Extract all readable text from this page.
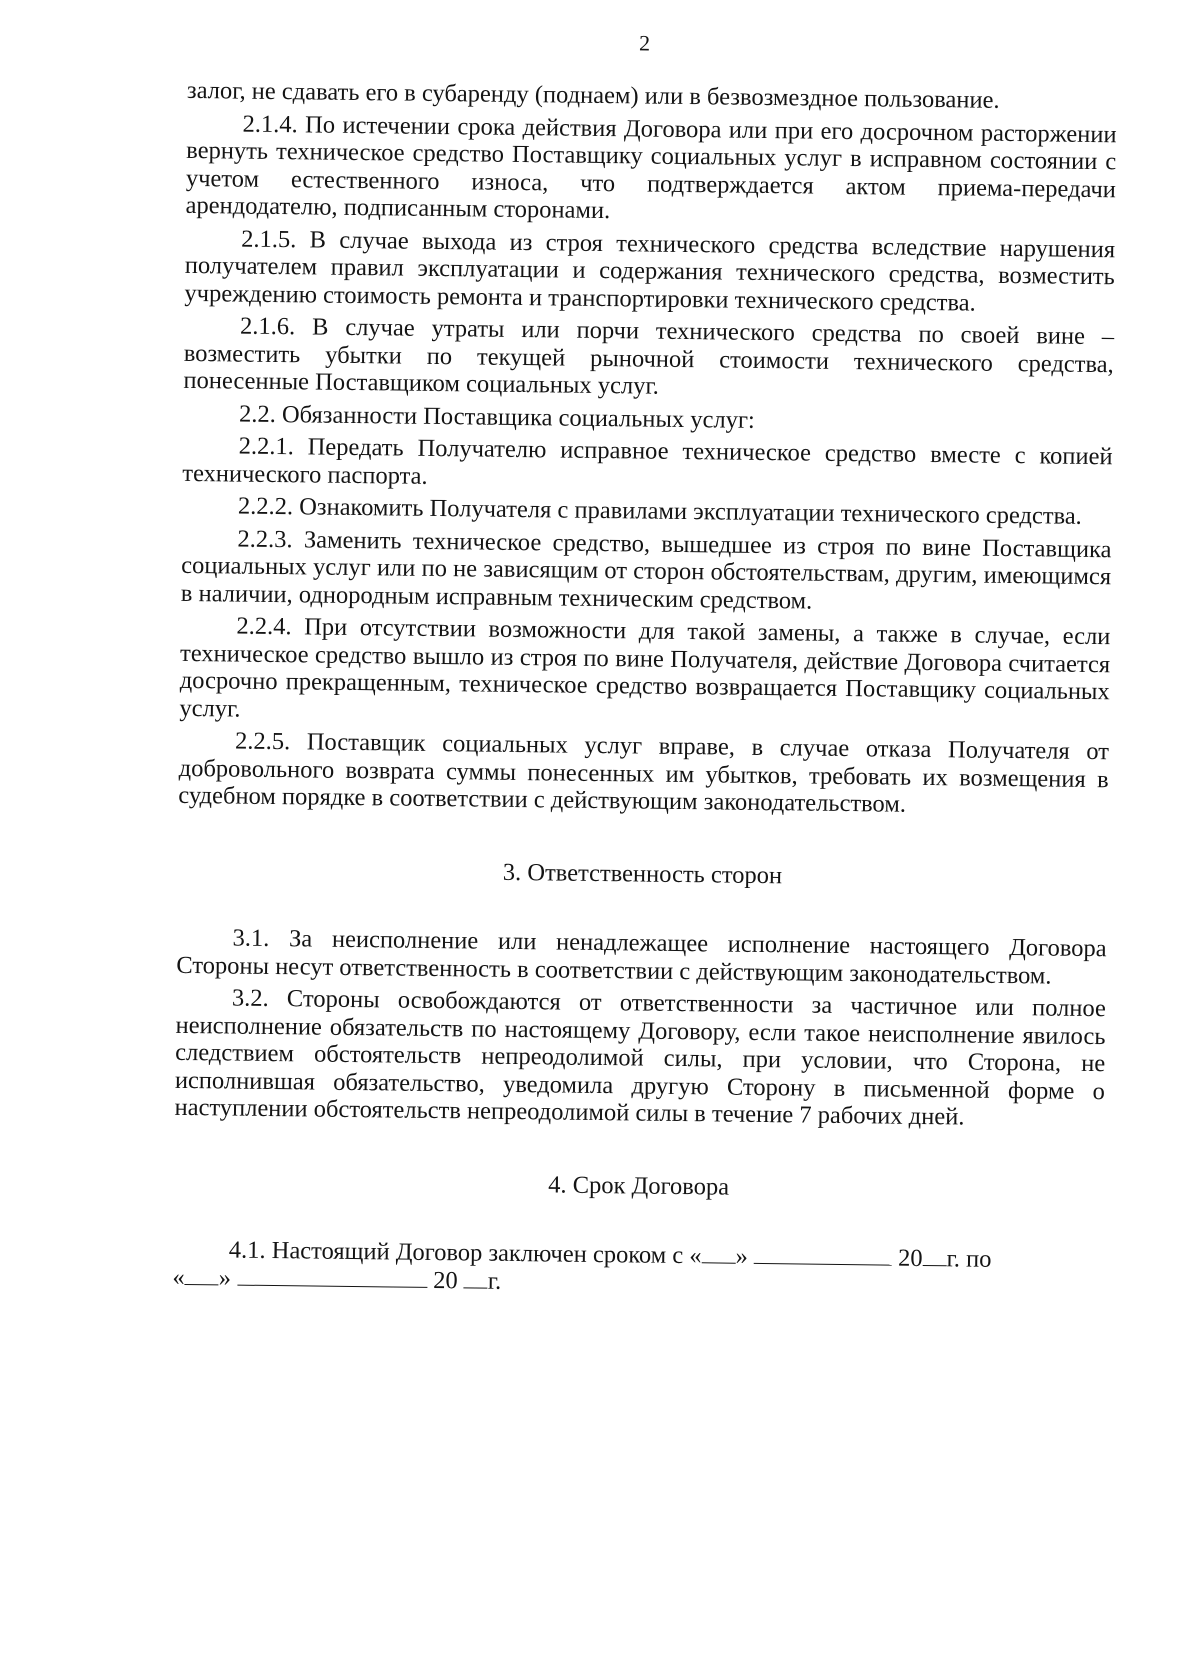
2

залог, не сдавать его в субаренду (поднаем) или в безвозмездное пользование.

2.1.4. По истечении срока действия Договора или при его досрочном расторжении вернуть техническое средство Поставщику социальных услуг в исправном состоянии с учетом естественного износа, что подтверждается актом приема-передачи арендодателю, подписанным сторонами.

2.1.5. В случае выхода из строя технического средства вследствие нарушения получателем правил эксплуатации и содержания технического средства, возместить учреждению стоимость ремонта и транспортировки технического средства.

2.1.6. В случае утраты или порчи технического средства по своей вине – возместить убытки по текущей рыночной стоимости технического средства, понесенные Поставщиком социальных услуг.

2.2. Обязанности Поставщика социальных услуг:

2.2.1. Передать Получателю исправное техническое средство вместе с копией технического паспорта.

2.2.2. Ознакомить Получателя с правилами эксплуатации технического средства.

2.2.3. Заменить техническое средство, вышедшее из строя по вине Поставщика социальных услуг или по не зависящим от сторон обстоятельствам, другим, имеющимся в наличии, однородным исправным техническим средством.

2.2.4. При отсутствии возможности для такой замены, а также в случае, если техническое средство вышло из строя по вине Получателя, действие Договора считается досрочно прекращенным, техническое средство возвращается Поставщику социальных услуг.

2.2.5. Поставщик социальных услуг вправе, в случае отказа Получателя от добровольного возврата суммы понесенных им убытков, требовать их возмещения в судебном порядке в соответствии с действующим законодательством.

3. Ответственность сторон

3.1. За неисполнение или ненадлежащее исполнение настоящего Договора Стороны несут ответственность в соответствии с действующим законодательством.

3.2. Стороны освобождаются от ответственности за частичное или полное неисполнение обязательств по настоящему Договору, если такое неисполнение явилось следствием обстоятельств непреодолимой силы, при условии, что Сторона, не исполнившая обязательство, уведомила другую Сторону в письменной форме о наступлении обстоятельств непреодолимой силы в течение 7 рабочих дней.

4. Срок Договора

4.1. Настоящий Договор заключен сроком с « »	20 г. по
« »	20 г.
